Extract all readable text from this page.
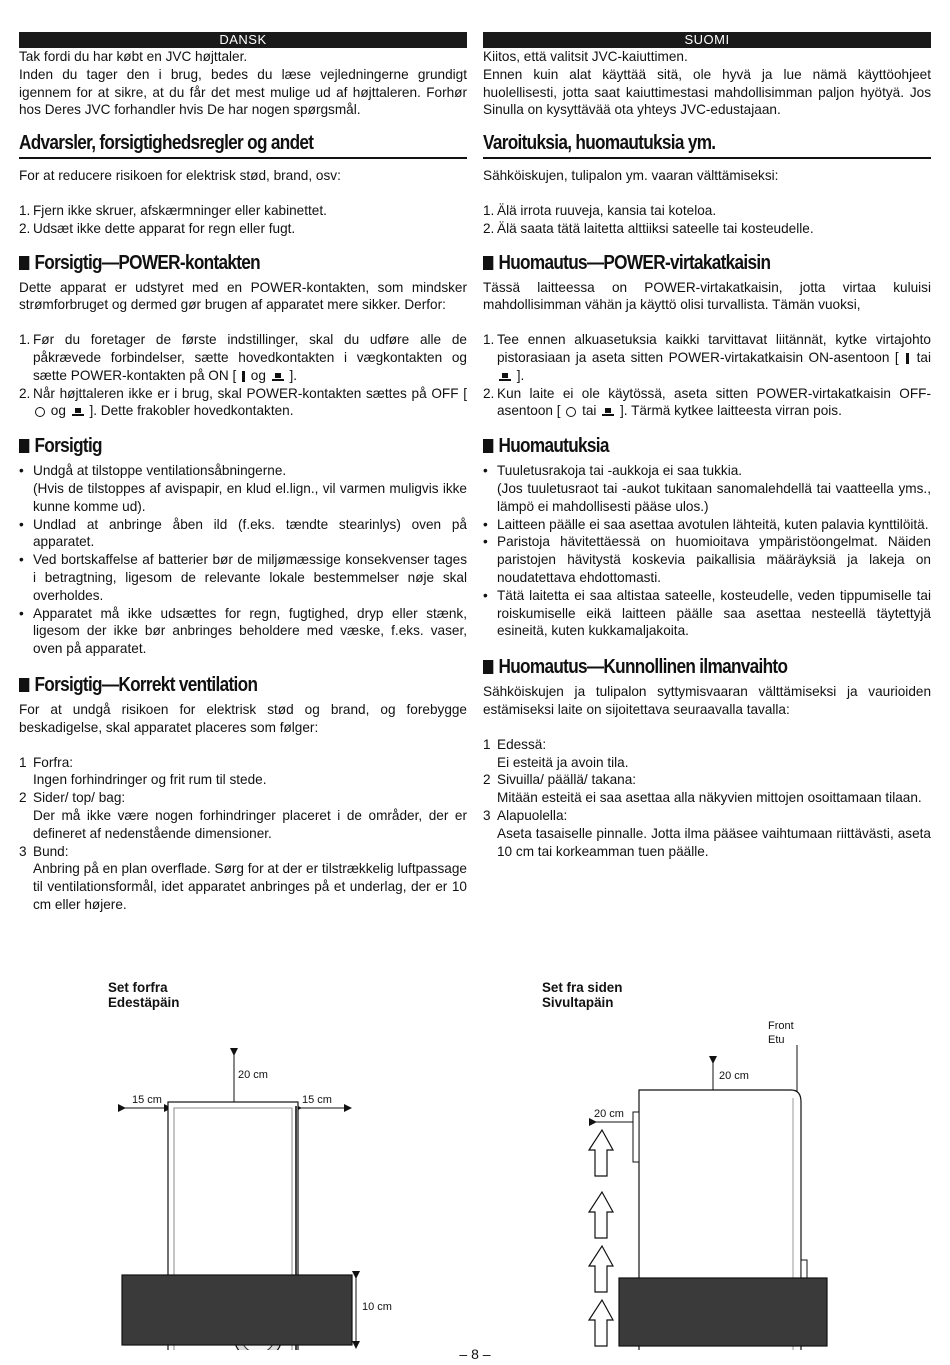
DANSK

Tak fordi du har købt en JVC højttaler.

Inden du tager den i brug, bedes du læse vejledningerne grundigt igennem for at sikre, at du får det mest mulige ud af højttaleren. Forhør hos Deres JVC forhandler hvis De har nogen spørgsmål.

Advarsler, forsigtighedsregler og andet

For at reducere risikoen for elektrisk stød, brand, osv:

1. Fjern ikke skruer, afskærmninger eller kabinettet.
2. Udsæt ikke dette apparat for regn eller fugt.

Forsigtig—POWER-kontakten

Dette apparat er udstyret med en POWER-kontakten, som mindsker strømforbruget og dermed gør brugen af apparatet mere sikker. Derfor:

1. Før du foretager de første indstillinger, skal du udføre alle de påkrævede forbindelser, sætte hovedkontakten i vægkontakten og sætte POWER-kontakten på ON [ og ].
2. Når højttaleren ikke er i brug, skal POWER-kontakten sættes på OFF [  og ]. Dette frakobler hovedkontakten.

Forsigtig

• Undgå at tilstoppe ventilationsåbningerne.
(Hvis de tilstoppes af avispapir, en klud el.lign., vil varmen muligvis ikke kunne komme ud).
• Undlad at anbringe åben ild (f.eks. tændte stearinlys) oven på apparatet.
• Ved bortskaffelse af batterier bør de miljømæssige konsekvenser tages i betragtning, ligesom de relevante lokale bestemmelser nøje skal overholdes.
• Apparatet må ikke udsættes for regn, fugtighed, dryp eller stænk, ligesom der ikke bør anbringes beholdere med væske, f.eks. vaser, oven på apparatet.

Forsigtig—Korrekt ventilation

For at undgå risikoen for elektrisk stød og brand, og forebygge beskadigelse, skal apparatet placeres som følger:

1 Forfra:
Ingen forhindringer og frit rum til stede.
2 Sider/ top/ bag:
Der må ikke være nogen forhindringer placeret i de områder, der er defineret af nedenstående dimensioner.
3 Bund:
Anbring på en plan overflade. Sørg for at der er tilstrækkelig luftpassage til ventilationsformål, idet apparatet anbringes på et underlag, der er 10 cm eller højere.
SUOMI

Kiitos, että valitsit JVC-kaiuttimen.

Ennen kuin alat käyttää sitä, ole hyvä ja lue nämä käyttöohjeet huolellisesti, jotta saat kaiuttimestasi mahdollisimman paljon hyötyä. Jos Sinulla on kysyttävää ota yhteys JVC-edustajaan.

Varoituksia, huomautuksia ym.

Sähköiskujen, tulipalon ym. vaaran välttämiseksi:

1. Älä irrota ruuveja, kansia tai koteloa.
2. Älä saata tätä laitetta alttiiksi sateelle tai kosteudelle.

Huomautus—POWER-virtakatkaisin

Tässä laitteessa on POWER-virtakatkaisin, jotta virtaa kuluisi mahdollisimman vähän ja käyttö olisi turvallista. Tämän vuoksi,

1. Tee ennen alkuasetuksia kaikki tarvittavat liitännät, kytke virtajohto pistorasiaan ja aseta sitten POWER-virtakatkaisin ON-asentoon [ tai  ].
2. Kun laite ei ole käytössä, aseta sitten POWER-virtakatkaisin OFF-asentoon [ tai ]. Tärmä kytkee laitteesta virran pois.

Huomautuksia

• Tuuletusrakoja tai -aukkoja ei saa tukkia.
(Jos tuuletusraot tai -aukot tukitaan sanomalehdellä tai vaatteella yms., lämpö ei mahdollisesti pääse ulos.)
• Laitteen päälle ei saa asettaa avotulen lähteitä, kuten palavia kynttilöitä.
• Paristoja hävitettäessä on huomioitava ympäristöongelmat. Näiden paristojen hävitystä koskevia paikallisia määräyksiä ja lakeja on noudatettava ehdottomasti.
• Tätä laitetta ei saa altistaa sateelle, kosteudelle, veden tippumiselle tai roiskumiselle eikä laitteen päälle saa asettaa nesteellä täytettyjä esineitä, kuten kukkamaljakoita.

Huomautus—Kunnollinen ilmanvaihto

Sähköiskujen ja tulipalon syttymisvaaran välttämiseksi ja vaurioiden estämiseksi laite on sijoitettava seuraavalla tavalla:

1 Edessä:
Ei esteitä ja avoin tila.
2 Sivuilla/ päällä/ takana:
Mitään esteitä ei saa asettaa alla näkyvien mittojen osoittamaan tilaan.
3 Alapuolella:
Aseta tasaiselle pinnalle. Jotta ilma pääsee vaihtumaan riittävästi, aseta 10 cm tai korkeamman tuen päälle.
Set forfra
Edestäpäin
Set fra siden
Sivultapäin
20 cm
15 cm	15 cm
10 cm
20 cm
20 cm
Front
Etu
– 8 –
